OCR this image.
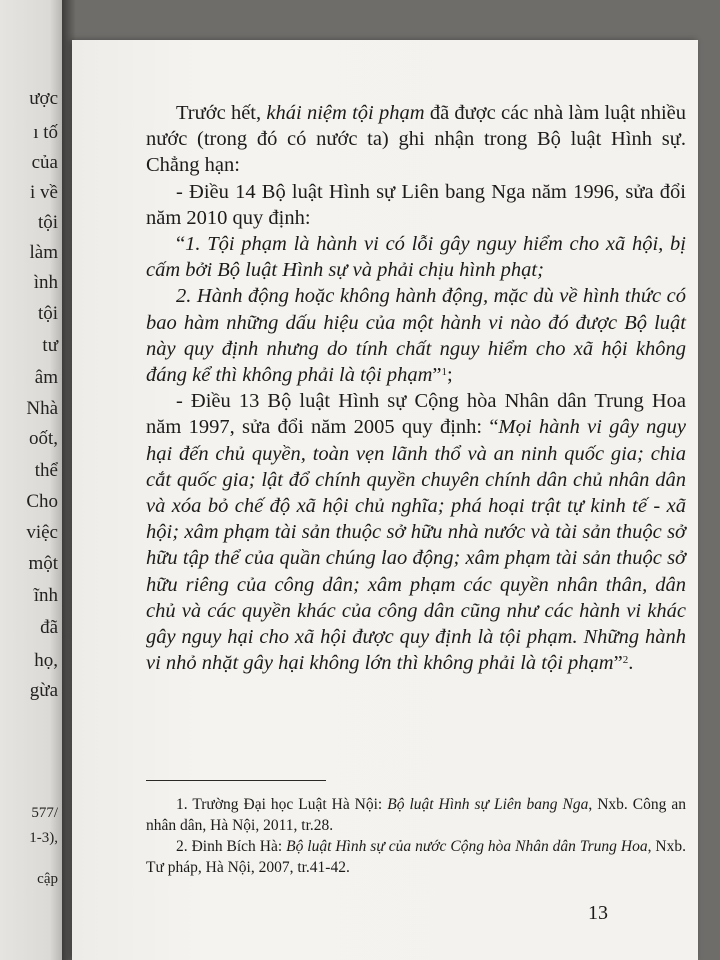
ược
ı tố
của
i về
tội
làm
ình
tội
tư
âm
Nhà
oốt,
thể
Cho
việc
một
ĩnh
đã
họ,
gừa
577/
1-3),
cập

Trước hết, khái niệm tội phạm đã được các nhà làm luật nhiều nước (trong đó có nước ta) ghi nhận trong Bộ luật Hình sự. Chẳng hạn:

- Điều 14 Bộ luật Hình sự Liên bang Nga năm 1996, sửa đổi năm 2010 quy định:

“1. Tội phạm là hành vi có lỗi gây nguy hiểm cho xã hội, bị cấm bởi Bộ luật Hình sự và phải chịu hình phạt;

2. Hành động hoặc không hành động, mặc dù về hình thức có bao hàm những dấu hiệu của một hành vi nào đó được Bộ luật này quy định nhưng do tính chất nguy hiểm cho xã hội không đáng kể thì không phải là tội phạm”$^1$;

- Điều 13 Bộ luật Hình sự Cộng hòa Nhân dân Trung Hoa năm 1997, sửa đổi năm 2005 quy định: “Mọi hành vi gây nguy hại đến chủ quyền, toàn vẹn lãnh thổ và an ninh quốc gia; chia cắt quốc gia; lật đổ chính quyền chuyên chính dân chủ nhân dân và xóa bỏ chế độ xã hội chủ nghĩa; phá hoại trật tự kinh tế - xã hội; xâm phạm tài sản thuộc sở hữu nhà nước và tài sản thuộc sở hữu tập thể của quần chúng lao động; xâm phạm tài sản thuộc sở hữu riêng của công dân; xâm phạm các quyền nhân thân, dân chủ và các quyền khác của công dân cũng như các hành vi khác gây nguy hại cho xã hội được quy định là tội phạm. Những hành vi nhỏ nhặt gây hại không lớn thì không phải là tội phạm”$^2$.

1. Trường Đại học Luật Hà Nội: Bộ luật Hình sự Liên bang Nga, Nxb. Công an nhân dân, Hà Nội, 2011, tr.28.

2. Đinh Bích Hà: Bộ luật Hình sự của nước Cộng hòa Nhân dân Trung Hoa, Nxb. Tư pháp, Hà Nội, 2007, tr.41-42.

13
